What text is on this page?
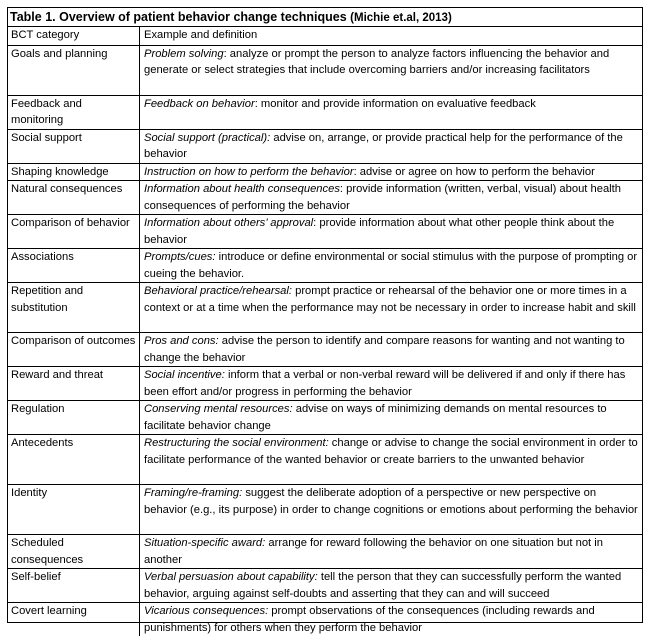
Table 1. Overview of patient behavior change techniques (Michie et.al, 2013)
BCT category	Example and definition
Goals and planning	Problem solving: analyze or prompt the person to analyze factors influencing the behavior and generate or select strategies that include overcoming barriers and/or increasing facilitators
Feedback and monitoring	Feedback on behavior: monitor and provide information on evaluative feedback
Social support	Social support (practical): advise on, arrange, or provide practical help for the performance of the behavior
Shaping knowledge	Instruction on how to perform the behavior: advise or agree on how to perform the behavior
Natural consequences	Information about health consequences: provide information (written, verbal, visual) about health consequences of performing the behavior
Comparison of behavior	Information about others’ approval: provide information about what other people think about the behavior
Associations	Prompts/cues: introduce or define environmental or social stimulus with the purpose of prompting or cueing the behavior.
Repetition and substitution	Behavioral practice/rehearsal: prompt practice or rehearsal of the behavior one or more times in a context or at a time when the performance may not be necessary in order to increase habit and skill
Comparison of outcomes	Pros and cons: advise the person to identify and compare reasons for wanting and not wanting to change the behavior
Reward and threat	Social incentive: inform that a verbal or non-verbal reward will be delivered if and only if there has been effort and/or progress in performing the behavior
Regulation	Conserving mental resources: advise on ways of minimizing demands on mental resources to facilitate behavior change
Antecedents	Restructuring the social environment: change or advise to change the social environment in order to facilitate performance of the wanted behavior or create barriers to the unwanted behavior
Identity	Framing/re-framing: suggest the deliberate adoption of a perspective or new perspective on behavior (e.g., its purpose) in order to change cognitions or emotions about performing the behavior
Scheduled consequences	Situation-specific award: arrange for reward following the behavior on one situation but not in another
Self-belief	Verbal persuasion about capability: tell the person that they can successfully perform the wanted behavior, arguing against self-doubts and asserting that they can and will succeed
Covert learning	Vicarious consequences: prompt observations of the consequences (including rewards and punishments) for others when they perform the behavior
